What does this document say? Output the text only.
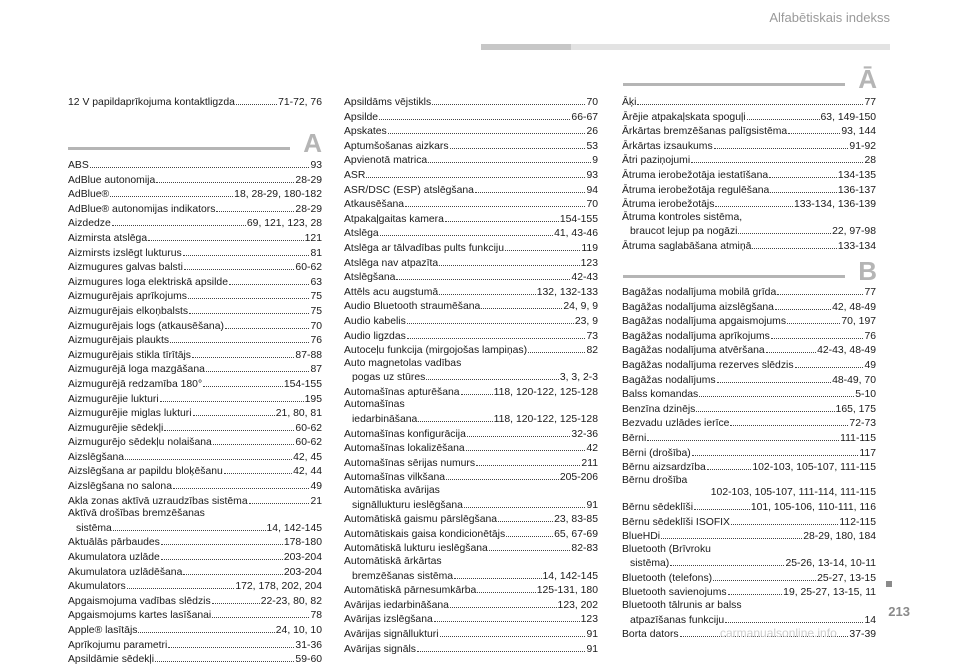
Alfabētiskais indekss
12 V papildaprīkojuma kontaktligzda	71-72, 76
A
ABS	93
AdBlue autonomija	28-29
AdBlue®	18, 28-29, 180-182
AdBlue® autonomijas indikators	28-29
Aizdedze	69, 121, 123, 28
Aizmirsta atslēga	121
Aizmirsts izslēgt lukturus	81
Aizmugures galvas balsti	60-62
Aizmugures loga elektriskā apsilde	63
Aizmugurējais aprīkojums	75
Aizmugurējais elkoņbalsts	75
Aizmugurējais logs (atkausēšana)	70
Aizmugurējais plaukts	76
Aizmugurējais stikla tīrītājs	87-88
Aizmugurējā loga mazgāšana	87
Aizmugurējā redzamība 180°	154-155
Aizmugurējie lukturi	195
Aizmugurējie miglas lukturi	21, 80, 81
Aizmugurējie sēdekļi	60-62
Aizmugurējo sēdekļu nolaišana	60-62
Aizslēgšana	42, 45
Aizslēgšana ar papildu bloķēšanu	42, 44
Aizslēgšana no salona	49
Akla zonas aktīvā uzraudzības sistēma	21
Aktīvā drošības bremzēšanas
sistēma	14, 142-145
Aktuālās pārbaudes	178-180
Akumulatora uzlāde	203-204
Akumulatora uzlādēšana	203-204
Akumulators	172, 178, 202, 204
Apgaismojuma vadības slēdzis	22-23, 80, 82
Apgaismojums kartes lasīšanai	78
Apple® lasītājs	24, 10, 10
Aprīkojumu parametri	31-36
Apsildāmie sēdekļi	59-60
Apsildāms vējstikls	70
Apsilde	66-67
Apskates	26
Aptumšošanas aizkars	53
Apvienotā matrica	9
ASR	93
ASR/DSC (ESP) atslēgšana	94
Atkausēšana	70
Atpakaļgaitas kamera	154-155
Atslēga	41, 43-46
Atslēga ar tālvadības pults funkciju	119
Atslēga nav atpazīta	123
Atslēgšana	42-43
Attēls acu augstumā	132, 132-133
Audio Bluetooth straumēšana	24, 9, 9
Audio kabelis	23, 9
Audio ligzdas	73
Autoceļu funkcija (mirgojošas lampiņas)	82
Auto magnetolas vadības
pogas uz stūres	3, 3, 2-3
Automašīnas apturēšana	118, 120-122, 125-128
Automašīnas
iedarbināšana	118, 120-122, 125-128
Automašīnas konfigurācija	32-36
Automašīnas lokalizēšana	42
Automašīnas sērijas numurs	211
Automašīnas vilkšana	205-206
Automātiska avārijas
signāllukturu ieslēgšana	91
Automātiskā gaismu pārslēgšana	23, 83-85
Automātiskais gaisa kondicionētājs	65, 67-69
Automātiskā lukturu ieslēgšana	82-83
Automātiskā ārkārtas
bremzēšanas sistēma	14, 142-145
Automātiskā pārnesumkārba	125-131, 180
Avārijas iedarbināšana	123, 202
Avārijas izslēgšana	123
Avārijas signāllukturi	91
Avārijas signāls	91
Ā
Āķi	77
Ārējie atpakaļskata spoguļi	63, 149-150
Ārkārtas bremzēšanas palīgsistēma	93, 144
Ārkārtas izsaukums	91-92
Ātri paziņojumi	28
Ātruma ierobežotāja iestatīšana	134-135
Ātruma ierobežotāja regulēšana	136-137
Ātruma ierobežotājs	133-134, 136-139
Ātruma kontroles sistēma,
braucot lejup pa nogāzi	22, 97-98
Ātruma saglabāšana atmiņā	133-134
B
Bagāžas nodalījuma mobilā grīda	77
Bagāžas nodalījuma aizslēgšana	42, 48-49
Bagāžas nodalījuma apgaismojums	70, 197
Bagāžas nodalījuma aprīkojums	76
Bagāžas nodalījuma atvēršana	42-43, 48-49
Bagāžas nodalījuma rezerves slēdzis	49
Bagāžas nodalījums	48-49, 70
Balss komandas	5-10
Benzīna dzinējs	165, 175
Bezvadu uzlādes ierīce	72-73
Bērni	111-115
Bērni (drošība)	117
Bērnu aizsardzība	102-103, 105-107, 111-115
Bērnu drošība
102-103, 105-107, 111-114, 111-115
Bērnu sēdeklīši	101, 105-106, 110-111, 116
Bērnu sēdeklīši ISOFIX	112-115
BlueHDi	28-29, 180, 184
Bluetooth (Brīvroku
sistēma)	25-26, 13-14, 10-11
Bluetooth (telefons)	25-27, 13-15
Bluetooth savienojums	19, 25-27, 13-15, 11
Bluetooth tālrunis ar balss
atpazīšanas funkciju	14
Borta dators	37-39
213
carmanualsonline.info
